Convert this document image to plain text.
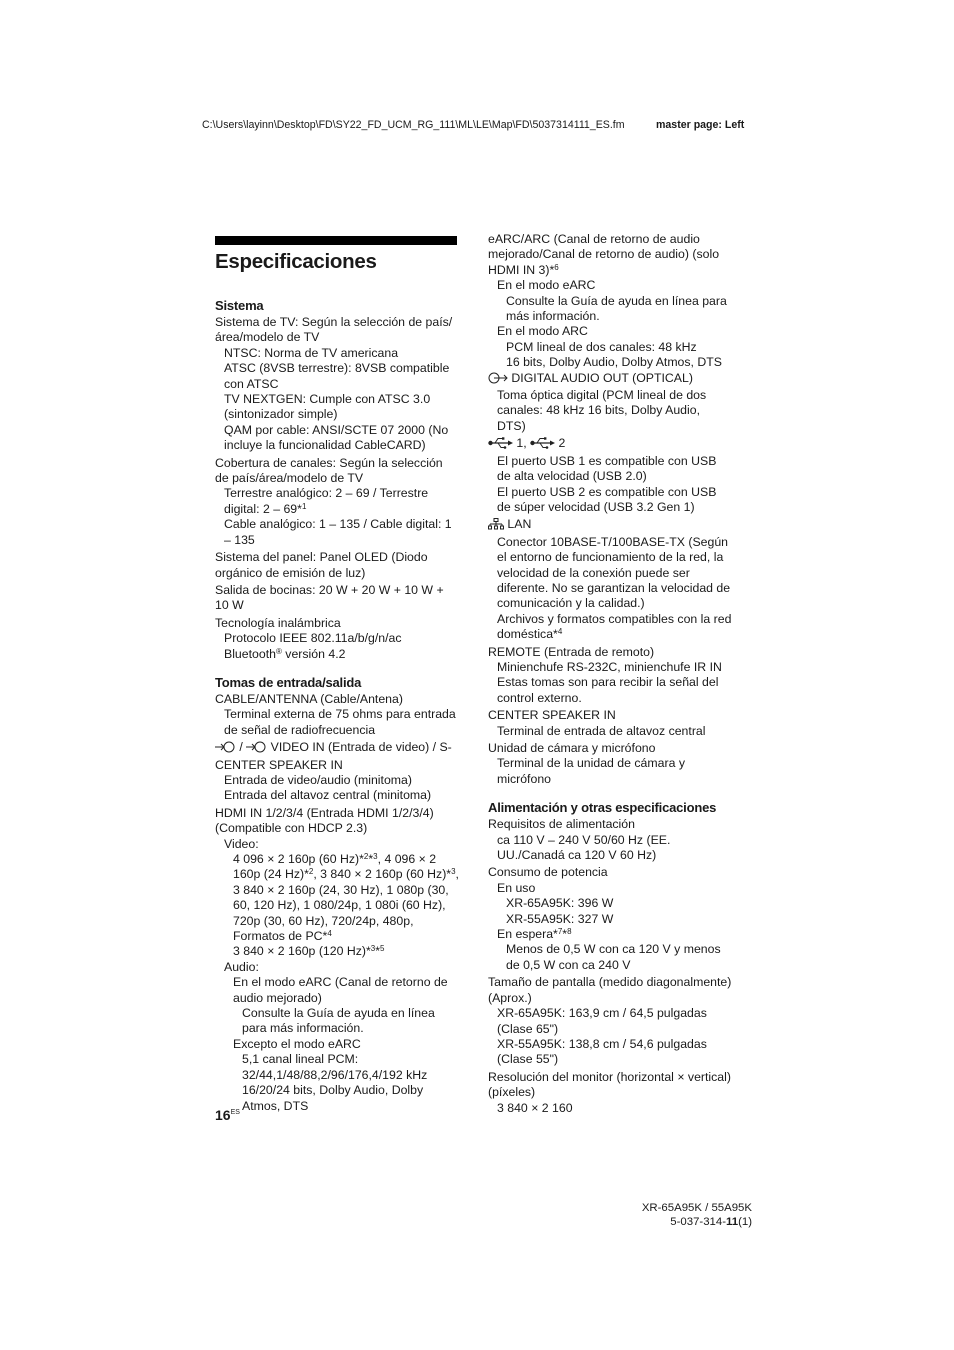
C:\Users\layinn\Desktop\FD\SY22_FD_UCM_RG_111\ML\LE\Map\FD\5037314111_ES.fm	master page: Left
Especificaciones
Sistema

Sistema de TV: Según la selección de país/área/modelo de TV

NTSC: Norma de TV americana

ATSC (8VSB terrestre): 8VSB compatible con ATSC

TV NEXTGEN: Cumple con ATSC 3.0 (sintonizador simple)

QAM por cable: ANSI/SCTE 07 2000 (No incluye la funcionalidad CableCARD)

Cobertura de canales: Según la selección de país/área/modelo de TV

Terrestre analógico: 2 – 69 / Terrestre digital: 2 – 69*$^1$

Cable analógico: 1 – 135 / Cable digital: 1 – 135

Sistema del panel: Panel OLED (Diodo orgánico de emisión de luz)

Salida de bocinas: 20 W + 20 W + 10 W + 10 W

Tecnología inalámbrica

Protocolo IEEE 802.11a/b/g/n/ac

Bluetooth® versión 4.2

Tomas de entrada/salida

CABLE/ANTENNA (Cable/Antena)

Terminal externa de 75 ohms para entrada de señal de radiofrecuencia

/  VIDEO IN (Entrada de video) / S-CENTER SPEAKER IN

Entrada de video/audio (minitoma)

Entrada del altavoz central (minitoma)

HDMI IN 1/2/3/4 (Entrada HDMI 1/2/3/4) (Compatible con HDCP 2.3)

Video:

4 096 × 2 160p (60 Hz)*$^2$*$^3$, 4 096 × 2 160p (24 Hz)*$^2$, 3 840 × 2 160p (60 Hz)*$^3$, 3 840 × 2 160p (24, 30 Hz), 1 080p (30, 60, 120 Hz), 1 080/24p, 1 080i (60 Hz), 720p (30, 60 Hz), 720/24p, 480p, Formatos de PC*$^4$

3 840 × 2 160p (120 Hz)*$^3$*$^5$

Audio:

En el modo eARC (Canal de retorno de audio mejorado)

Consulte la Guía de ayuda en línea para más información.

Excepto el modo eARC

5,1 canal lineal PCM: 32/44,1/48/88,2/96/176,4/192 kHz 16/20/24 bits, Dolby Audio, Dolby Atmos, DTS

eARC/ARC (Canal de retorno de audio mejorado/Canal de retorno de audio) (solo HDMI IN 3)*$^6$

En el modo eARC

Consulte la Guía de ayuda en línea para más información.

En el modo ARC

PCM lineal de dos canales: 48 kHz

16 bits, Dolby Audio, Dolby Atmos, DTS

DIGITAL AUDIO OUT (OPTICAL)

Toma óptica digital (PCM lineal de dos canales: 48 kHz 16 bits, Dolby Audio, DTS)

1,  2

El puerto USB 1 es compatible con USB de alta velocidad (USB 2.0)

El puerto USB 2 es compatible con USB de súper velocidad (USB 3.2 Gen 1)

LAN

Conector 10BASE-T/100BASE-TX (Según el entorno de funcionamiento de la red, la velocidad de la conexión puede ser diferente. No se garantizan la velocidad de comunicación y la calidad.)

Archivos y formatos compatibles con la red doméstica*$^4$

REMOTE (Entrada de remoto)

Minienchufe RS-232C, minienchufe IR IN

Estas tomas son para recibir la señal del control externo.

CENTER SPEAKER IN

Terminal de entrada de altavoz central

Unidad de cámara y micrófono

Terminal de la unidad de cámara y micrófono

Alimentación y otras especificaciones

Requisitos de alimentación

ca 110 V – 240 V 50/60 Hz (EE. UU./Canadá ca 120 V 60 Hz)

Consumo de potencia

En uso

XR-65A95K: 396 W

XR-55A95K: 327 W

En espera*$^7$*$^8$

Menos de 0,5 W con ca 120 V y menos de 0,5 W con ca 240 V

Tamaño de pantalla (medido diagonalmente) (Aprox.)

XR-65A95K: 163,9 cm / 64,5 pulgadas (Clase 65")

XR-55A95K: 138,8 cm / 54,6 pulgadas (Clase 55")

Resolución del monitor (horizontal × vertical) (píxeles)

3 840 × 2 160

$16^{ES}$
XR-65A95K / 55A95K
5-037-314-11(1)
